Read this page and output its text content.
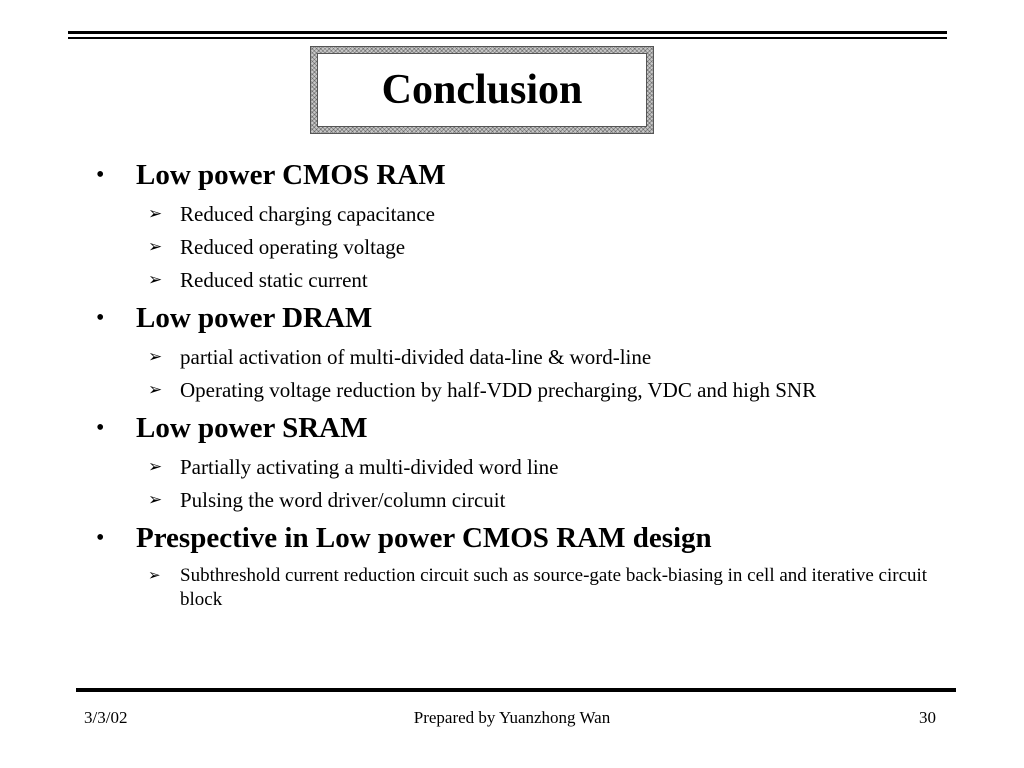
Conclusion
• Low power CMOS RAM
➢ Reduced charging capacitance
➢ Reduced operating voltage
➢ Reduced static current
• Low power DRAM
➢ partial activation of multi-divided data-line & word-line
➢ Operating voltage reduction by half-VDD precharging, VDC and high SNR
• Low power SRAM
➢ Partially activating a multi-divided word line
➢ Pulsing the word driver/column circuit
• Prespective in Low power CMOS RAM design
➢ Subthreshold current reduction circuit such as source-gate back-biasing in cell and iterative circuit block
3/3/02	Prepared by Yuanzhong Wan	30
